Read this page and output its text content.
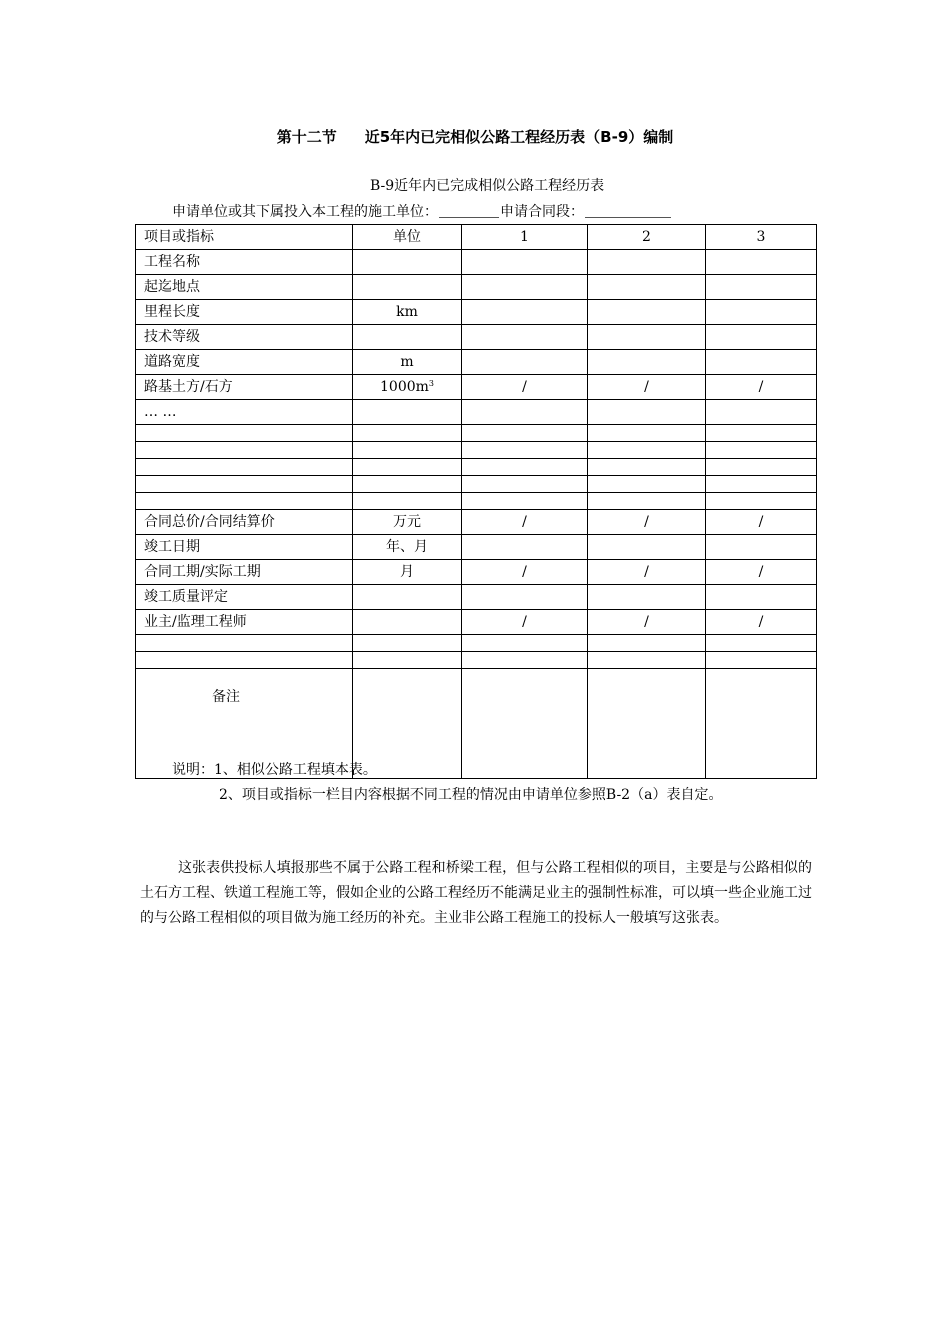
第十二节 近5年内已完相似公路工程经历表（B-9）编制
B-9近年内已完成相似公路工程经历表
申请单位或其下属投入本工程的施工单位：	申请合同段：
项目或指标	单位	1	2	3
工程名称				
起迄地点				
里程长度	km			
技术等级				
道路宽度	m			
路基土方/石方	$1000m^3$	/	/	/
… …				

合同总价/合同结算价	万元	/	/	/
竣工日期	年、月			
合同工期/实际工期	月	/	/	/
竣工质量评定				
业主/监理工程师		/	/	/

备注				
说明：1、相似公路工程填本表。
2、项目或指标一栏目内容根据不同工程的情况由申请单位参照B-2（a）表自定。

这张表供投标人填报那些不属于公路工程和桥梁工程，但与公路工程相似的项目，主要是与公路相似的土石方工程、铁道工程施工等，假如企业的公路工程经历不能满足业主的强制性标准，可以填一些企业施工过的与公路工程相似的项目做为施工经历的补充。主业非公路工程施工的投标人一般填写这张表。
